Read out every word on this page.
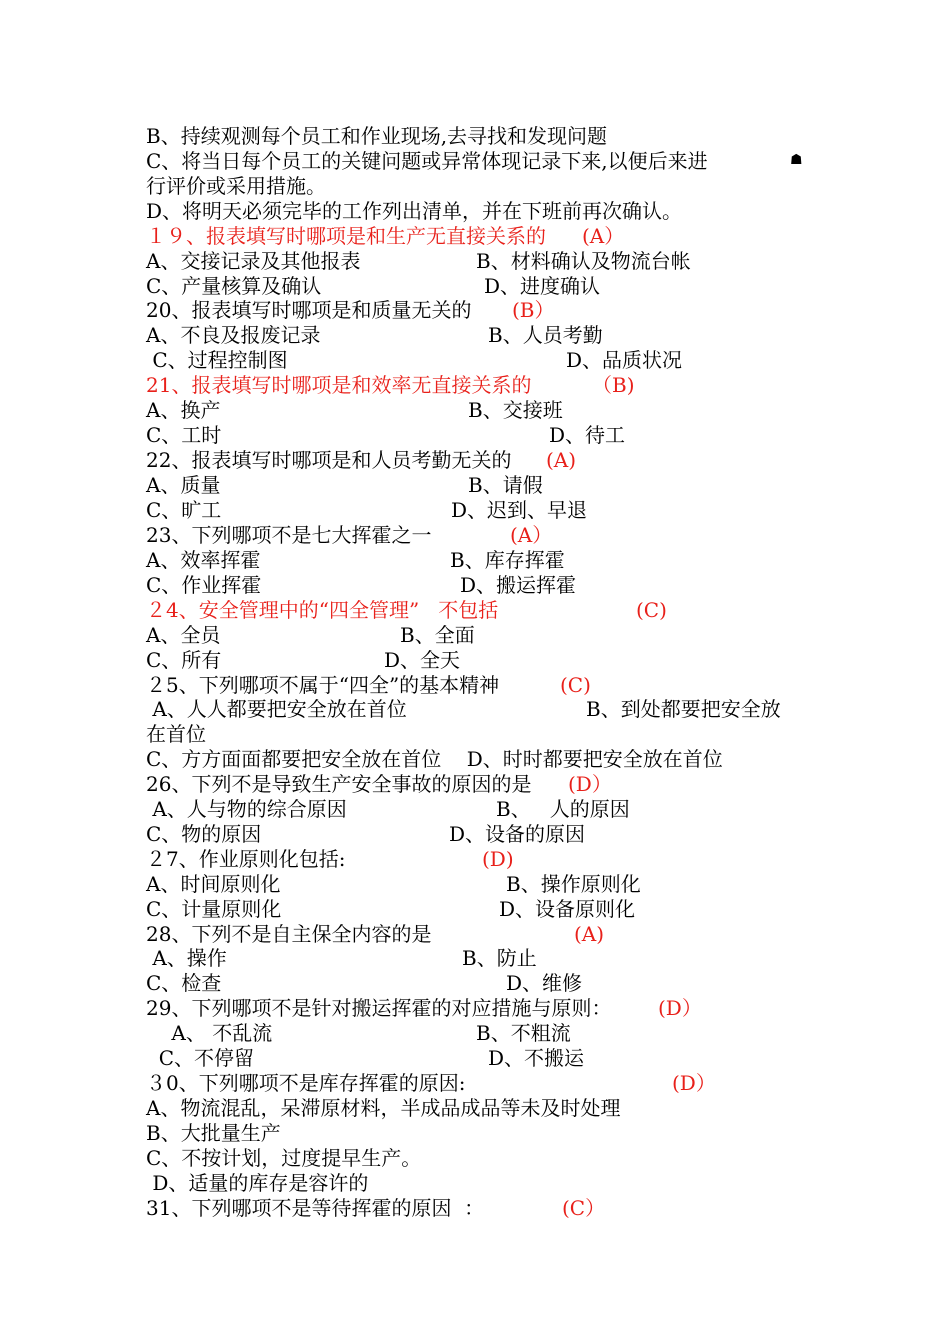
☗
B、持续观测每个员工和作业现场,去寻找和发现问题
C、将当日每个员工的关键问题或异常体现记录下来,以便后来进
行评价或采用措施。
D、将明天必须完毕的工作列出清单，并在下班前再次确认。
１９、报表填写时哪项是和生产无直接关系的 (A）
A、交接记录及其他报表	B、材料确认及物流台帐
C、产量核算及确认	D、进度确认
20、报表填写时哪项是和质量无关的 (B）
A、不良及报废记录	B、人员考勤
C、过程控制图	D、品质状况
21、报表填写时哪项是和效率无直接关系的	（B)
A、换产	B、交接班
C、工时	D、待工
22、报表填写时哪项是和人员考勤无关的 (A)
A、质量	B、请假
C、旷工	D、迟到、早退
23、下列哪项不是七大挥霍之一	(A）
A、效率挥霍	B、库存挥霍
C、作业挥霍	D、搬运挥霍
２4、安全管理中的“四全管理”   不包括	(C)
A、全员	B、全面
C、所有	D、全天
２5、下列哪项不属于“四全”的基本精神	(C)
A、人人都要把安全放在首位	B、到处都要把安全放
在首位
C、方方面面都要把安全放在首位    D、时时都要把安全放在首位
26、下列不是导致生产安全事故的原因的是 (D）
A、人与物的综合原因	B、   人的原因
C、物的原因	D、设备的原因
２7、作业原则化包括:	(D)
A、时间原则化	B、操作原则化
C、计量原则化	D、设备原则化
28、下列不是自主保全内容的是	(A)
A、操作	B、防止
C、检查	D、维修
29、下列哪项不是针对搬运挥霍的对应措施与原则： (D）
A、 不乱流	B、不粗流
C、不停留	D、不搬运
３0、下列哪项不是库存挥霍的原因:	(D）
A、物流混乱，呆滞原材料，半成品成品等未及时处理
B、大批量生产
C、不按计划，过度提早生产。
D、适量的库存是容许的
31、下列哪项不是等待挥霍的原因  ：	(C）
